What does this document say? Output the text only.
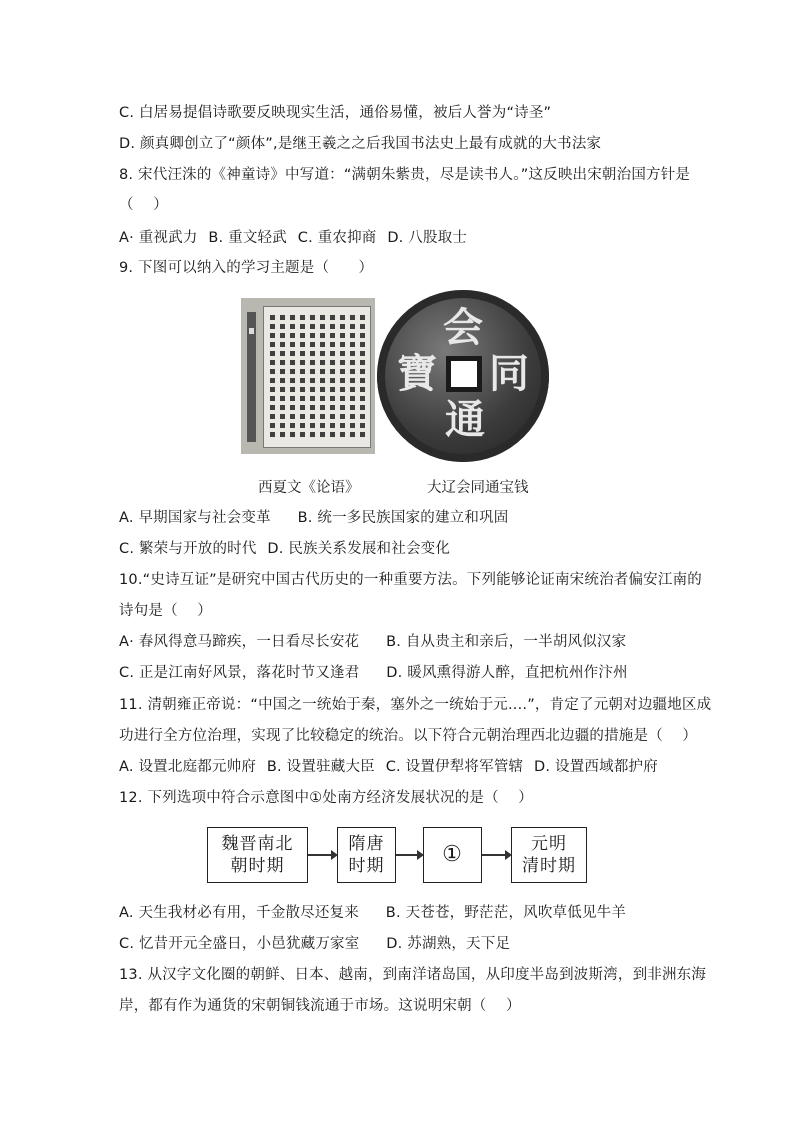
C. 白居易提倡诗歌要反映现实生活，通俗易懂，被后人誉为“诗圣”
D. 颜真卿创立了“颜体”,是继王羲之之后我国书法史上最有成就的大书法家
8. 宋代汪洙的《神童诗》中写道：“满朝朱紫贵，尽是读书人。”这反映出宋朝治国方针是
（　 ）
A· 重视武力 B. 重文轻武 C. 重农抑商 D. 八股取士
9. 下图可以纳入的学习主题是（　　）
会
同
通
寶
西夏文《论语》	大辽会同通宝钱
A. 早期国家与社会变革 B. 统一多民族国家的建立和巩固
C. 繁荣与开放的时代 D. 民族关系发展和社会变化
10.“史诗互证”是研究中国古代历史的一种重要方法。下列能够论证南宋统治者偏安江南的
诗句是（　 ）
A· 春风得意马蹄疾，一日看尽长安花 B. 自从贵主和亲后，一半胡风似汉家
C. 正是江南好风景，落花时节又逢君 D. 暖风熏得游人醉，直把杭州作汴州
11. 清朝雍正帝说：“中国之一统始于秦，塞外之一统始于元....”，肯定了元朝对边疆地区成
功进行全方位治理，实现了比较稳定的统治。以下符合元朝治理西北边疆的措施是（　 ）
A. 设置北庭都元帅府 B. 设置驻藏大臣 C. 设置伊犁将军管辖 D. 设置西域都护府
12. 下列选项中符合示意图中①处南方经济发展状况的是（　 ）
魏晋南北
朝时期
隋唐
时期	①	元明
清时期
A. 天生我材必有用，千金散尽还复来 B. 天苍苍，野茫茫，风吹草低见牛羊
C. 忆昔开元全盛日，小邑犹藏万家室 D. 苏湖熟，天下足
13. 从汉字文化圈的朝鲜、日本、越南，到南洋诸岛国，从印度半岛到波斯湾，到非洲东海
岸，都有作为通货的宋朝铜钱流通于市场。这说明宋朝（　 ）
